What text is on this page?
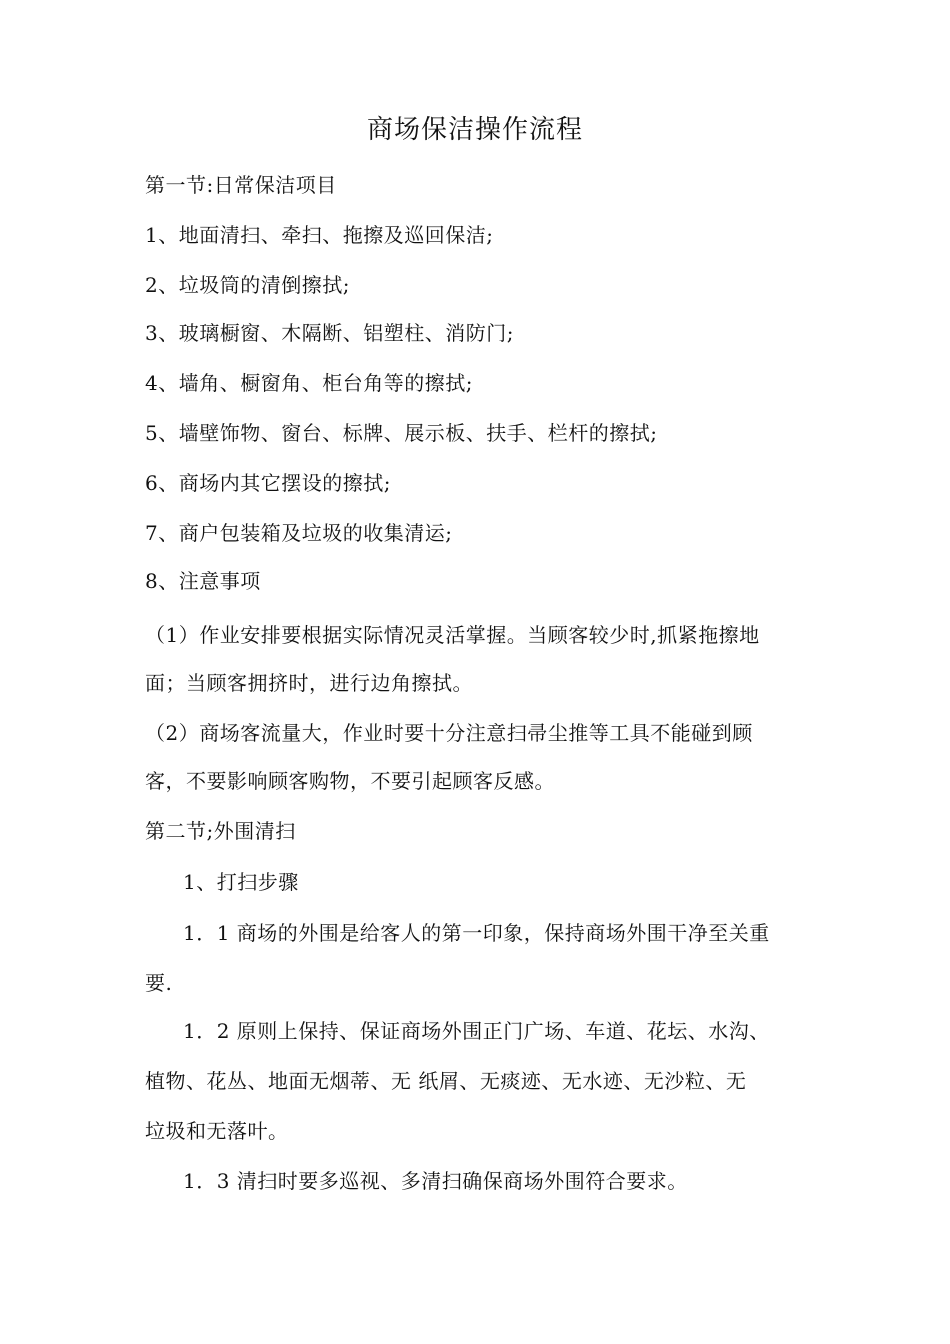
商场保洁操作流程
第一节:日常保洁项目
1、地面清扫、牵扫、拖擦及巡回保洁;
2、垃圾筒的清倒擦拭;
3、玻璃橱窗、木隔断、铝塑柱、消防门;
4、墙角、橱窗角、柜台角等的擦拭;
5、墙壁饰物、窗台、标牌、展示板、扶手、栏杆的擦拭;
6、商场内其它摆设的擦拭;
7、商户包装箱及垃圾的收集清运;
8、注意事项
（1）作业安排要根据实际情况灵活掌握。当顾客较少时,抓紧拖擦地
面；当顾客拥挤时，进行边角擦拭。
（2）商场客流量大，作业时要十分注意扫帚尘推等工具不能碰到顾
客，不要影响顾客购物，不要引起顾客反感。
第二节;外围清扫
1、打扫步骤
1．1 商场的外围是给客人的第一印象，保持商场外围干净至关重
要.
1．2 原则上保持、保证商场外围正门广场、车道、花坛、水沟、
植物、花丛、地面无烟蒂、无 纸屑、无痰迹、无水迹、无沙粒、无
垃圾和无落叶。
1．3 清扫时要多巡视、多清扫确保商场外围符合要求。
